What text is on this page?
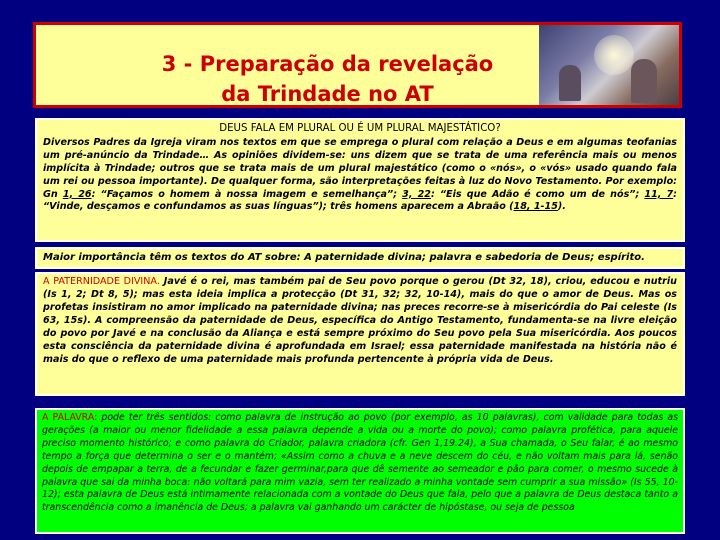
3 - Preparação da revelação
da Trindade no AT
DEUS FALA EM PLURAL OU É UM PLURAL MAJESTÁTICO?
Diversos Padres da Igreja viram nos textos em que se emprega o plural com relação a Deus e em algumas teofanias um pré-anúncio da Trindade… As opiniões dividem-se: uns dizem que se trata de uma referência mais ou menos implícita à Trindade; outros que se trata mais de um plural majestático (como o «nós», o «vós» usado quando fala um rei ou pessoa importante). De qualquer forma, são interpretações feitas à luz do Novo Testamento. Por exemplo: Gn 1, 26: “Façamos o homem à nossa imagem e semelhança”; 3, 22: “Eis que Adão é como um de nós”; 11, 7: “Vinde, desçamos e confundamos as suas línguas”); três homens aparecem a Abraão (18, 1-15).
Maior importância têm os textos do AT sobre: A paternidade divina; palavra e sabedoria de Deus; espírito.
A PATERNIDADE DIVINA. Javé é o rei, mas também pai de Seu povo porque o gerou (Dt 32, 18), criou, educou e nutriu (Is 1, 2; Dt 8, 5); mas esta ideia implica a protecção (Dt 31, 32; 32, 10-14), mais do que o amor de Deus. Mas os profetas insistiram no amor implicado na paternidade divina; nas preces recorre-se à misericórdia do Pai celeste (Is 63, 15s). A compreensão da paternidade de Deus, específica do Antigo Testamento, fundamenta-se na livre eleição do povo por Javé e na conclusão da Aliança e está sempre próximo do Seu povo pela Sua misericórdia. Aos poucos esta consciência da paternidade divina é aprofundada em Israel; essa paternidade manifestada na história não é mais do que o reflexo de uma paternidade mais profunda pertencente à própria vida de Deus.
A PALAVRA: pode ter três sentidos: como palavra de instrução ao povo (por exemplo, as 10 palavras), com validade para todas as gerações (a maior ou menor fidelidade a essa palavra depende a vida ou a morte do povo); como palavra profética, para aquele preciso momento histórico; e como palavra do Criador, palavra criadora (cfr. Gen 1,19.24), a Sua chamada, o Seu falar, é ao mesmo tempo a força que determina o ser e o mantém; «Assim como a chuva e a neve descem do céu, e não voltam mais para lá, senão depois de empapar a terra, de a fecundar e fazer germinar,para que dê semente ao semeador e pão para comer, o mesmo sucede à palavra que sai da minha boca: não voltará para mim vazia, sem ter realizado a minha vontade sem cumprir a sua missão» (Is 55, 10-12); esta palavra de Deus está intimamente relacionada com a vontade do Deus que fala, pelo que a palavra de Deus destaca tanto a transcendência como a imanência de Deus; a palavra vai ganhando um carácter de hipóstase, ou seja de pessoa
